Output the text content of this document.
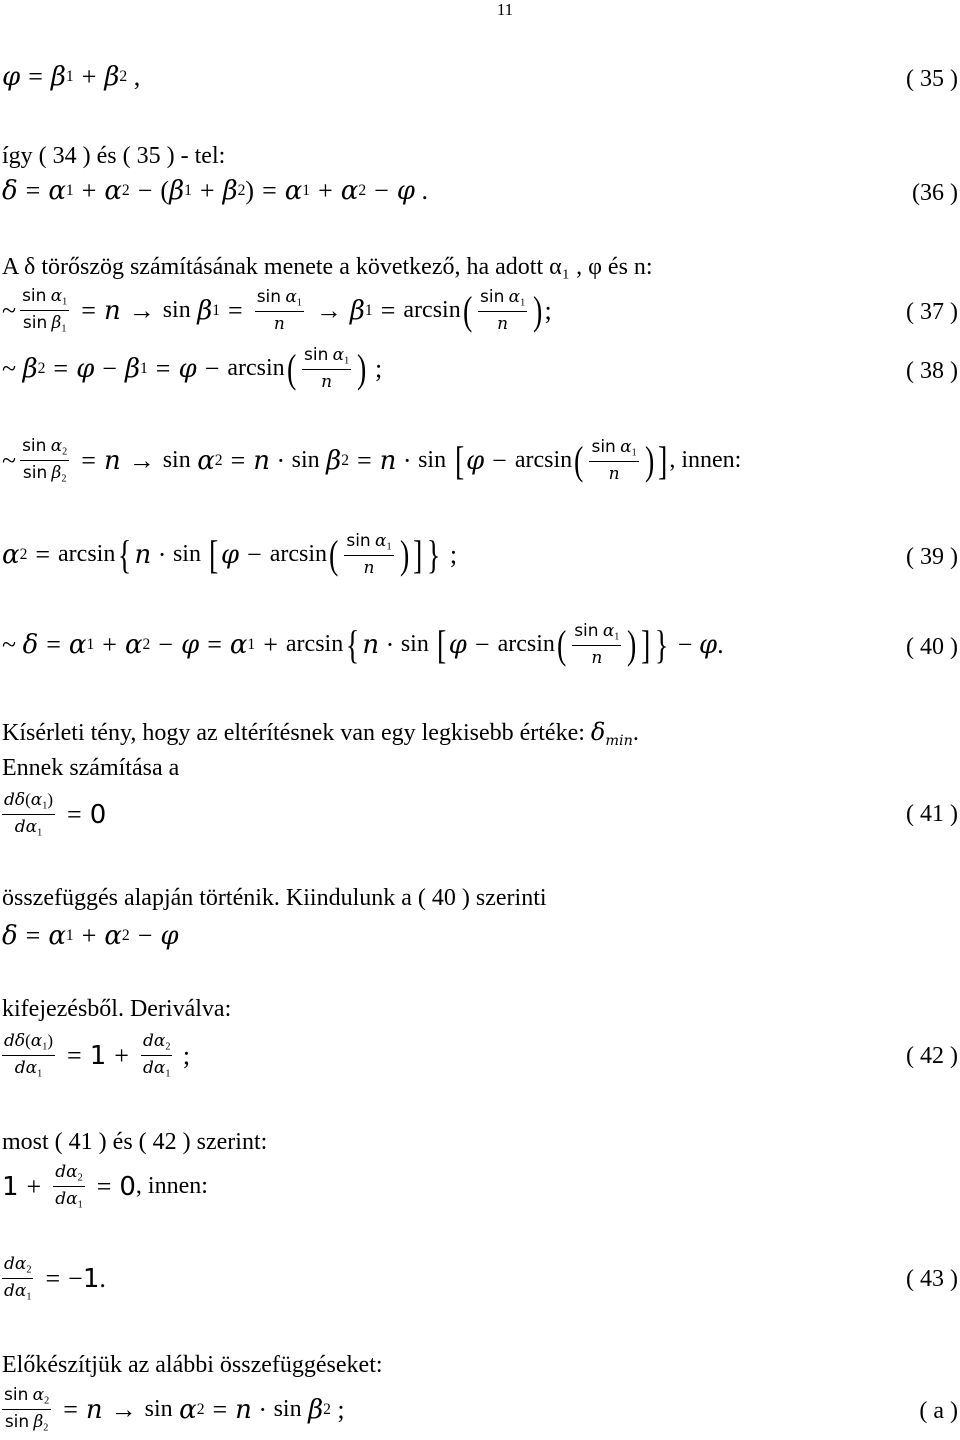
11
φ = β 1 + β 2 ,	( 35 )
így ( 34 ) és ( 35 ) - tel:
δ = α 1 + α 2 − ( β 1 + β 2 ) = α 1 + α 2 − φ .	(36 )
A δ törőszög számításának menete a következő, ha adott α₁ , φ és n:
~ $\frac{\sin \alpha_1}{\sin \beta_1} = n \to \sin$
β $1 = \frac{\sin \alpha_1}{n} \to \beta$ 1 = arcsin ( $\sin \alpha_1$
n ) ;	( 37 )
~
β 2 = φ − β 1 = φ − arcsin ( $\sin \alpha_1$
n ) ;	( 38 )
~ $\frac{\sin \alpha_2}{\sin \beta_2} = n \to \sin$
α 2 = n · sin
β 2 = n · sin
[ φ − arcsin ( $\sin \alpha_1$
n ) ] , innen:
α 2 = arcsin { n · sin
[ φ − arcsin ( $\sin \alpha_1$
n ) ] } ;	( 39 )
~
δ = α 1 + α 2 − φ = α 1 + arcsin { n · sin
[ φ − arcsin ( $\sin \alpha_1$
n ) ] } − φ .	( 40 )
Kísérleti tény, hogy az eltérítésnek van egy legkisebb értéke: $\delta_{min}$.
Ennek számítása a
$\frac{d\delta(\alpha_1)}{d\alpha_1} = 0$	( 41 )
összefüggés alapján történik. Kiindulunk a ( 40 ) szerinti
δ = α 1 + α 2 − φ
kifejezésből. Deriválva:
$\frac{d\delta(\alpha_1)}{d\alpha_1} = 1 + \frac{d\alpha_2}{d\alpha_1}$ ;	( 42 )
most ( 41 ) és ( 42 ) szerint:
$1 + \frac{d\alpha_2}{d\alpha_1} = 0$ , innen:
$\frac{d\alpha_2}{d\alpha_1}$ = − 1 .	( 43 )
Előkészítjük az alábbi összefüggéseket:
$\frac{\sin \alpha_2}{\sin \beta_2} = n \to \sin$
α 2 = n · sin
β 2 ;	( a )
